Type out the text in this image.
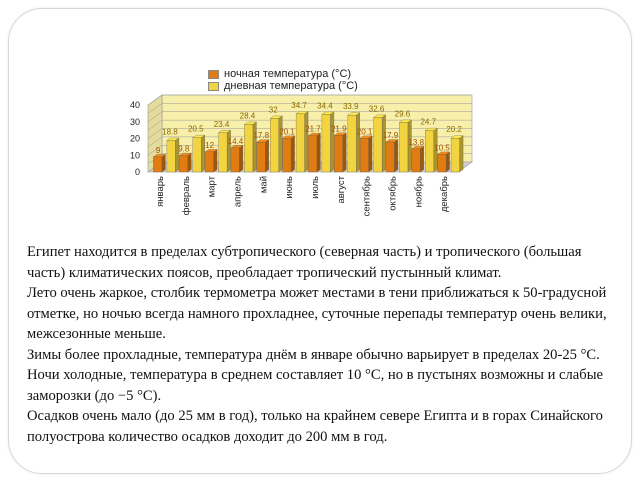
0
10
20
30
40
18.8
9
20.5
9.8
23.4
12
28.4
14.4
32
17.8
34.7
20.1
34.4
21.7
33.9
21.9
32.6
20.1
29.6
17.9
24.7
13.8
20.2
10.5
январь февраль март апрель май июнь июль август сентябрь октябрь ноябрь декабрь
ночная температура (°C)
дневная температура (°C)

Египет находится в пределах субтропического (северная часть) и тропического (большая часть) климатических поясов, преобладает тропический пустынный климат.

Лето очень жаркое, столбик термометра может местами в тени приближаться к 50-градусной отметке, но ночью всегда намного прохладнее, суточные перепады температур очень велики, межсезонные меньше.

Зимы более прохладные, температура днём в январе обычно варьирует в пределах 20-25 °C. Ночи холодные, температура в среднем составляет 10 °C, но в пустынях возможны и слабые заморозки (до −5 °C).

Осадков очень мало (до 25 мм в год), только на крайнем севере Египта и в горах Синайского полуострова количество осадков доходит до 200 мм в год.
